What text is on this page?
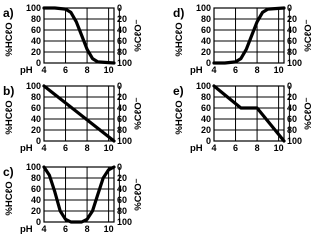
100
80
60
40
20
0
0
20
40
60
80
100
4 6 8 10
pH
a)
%HCℓO	%CℓO⁻
100
80
60
40
20
0
0
20
40
60
80
100
4 6 8 10
pH
b)
%HCℓO	%CℓO⁻
100
80
60
40
20
0
0
20
40
60
80
100
4 6 8 10
pH
c)
%HCℓO	%CℓO⁻
100
80
60
40
20
0
0
20
40
60
80
100
4 6 8 10
pH
d)
%HCℓO	%CℓO⁻
100
80
60
40
20
0
0
20
40
60
80
100
4 6 8 10
pH
e)
%HCℓO	%CℓO⁻
